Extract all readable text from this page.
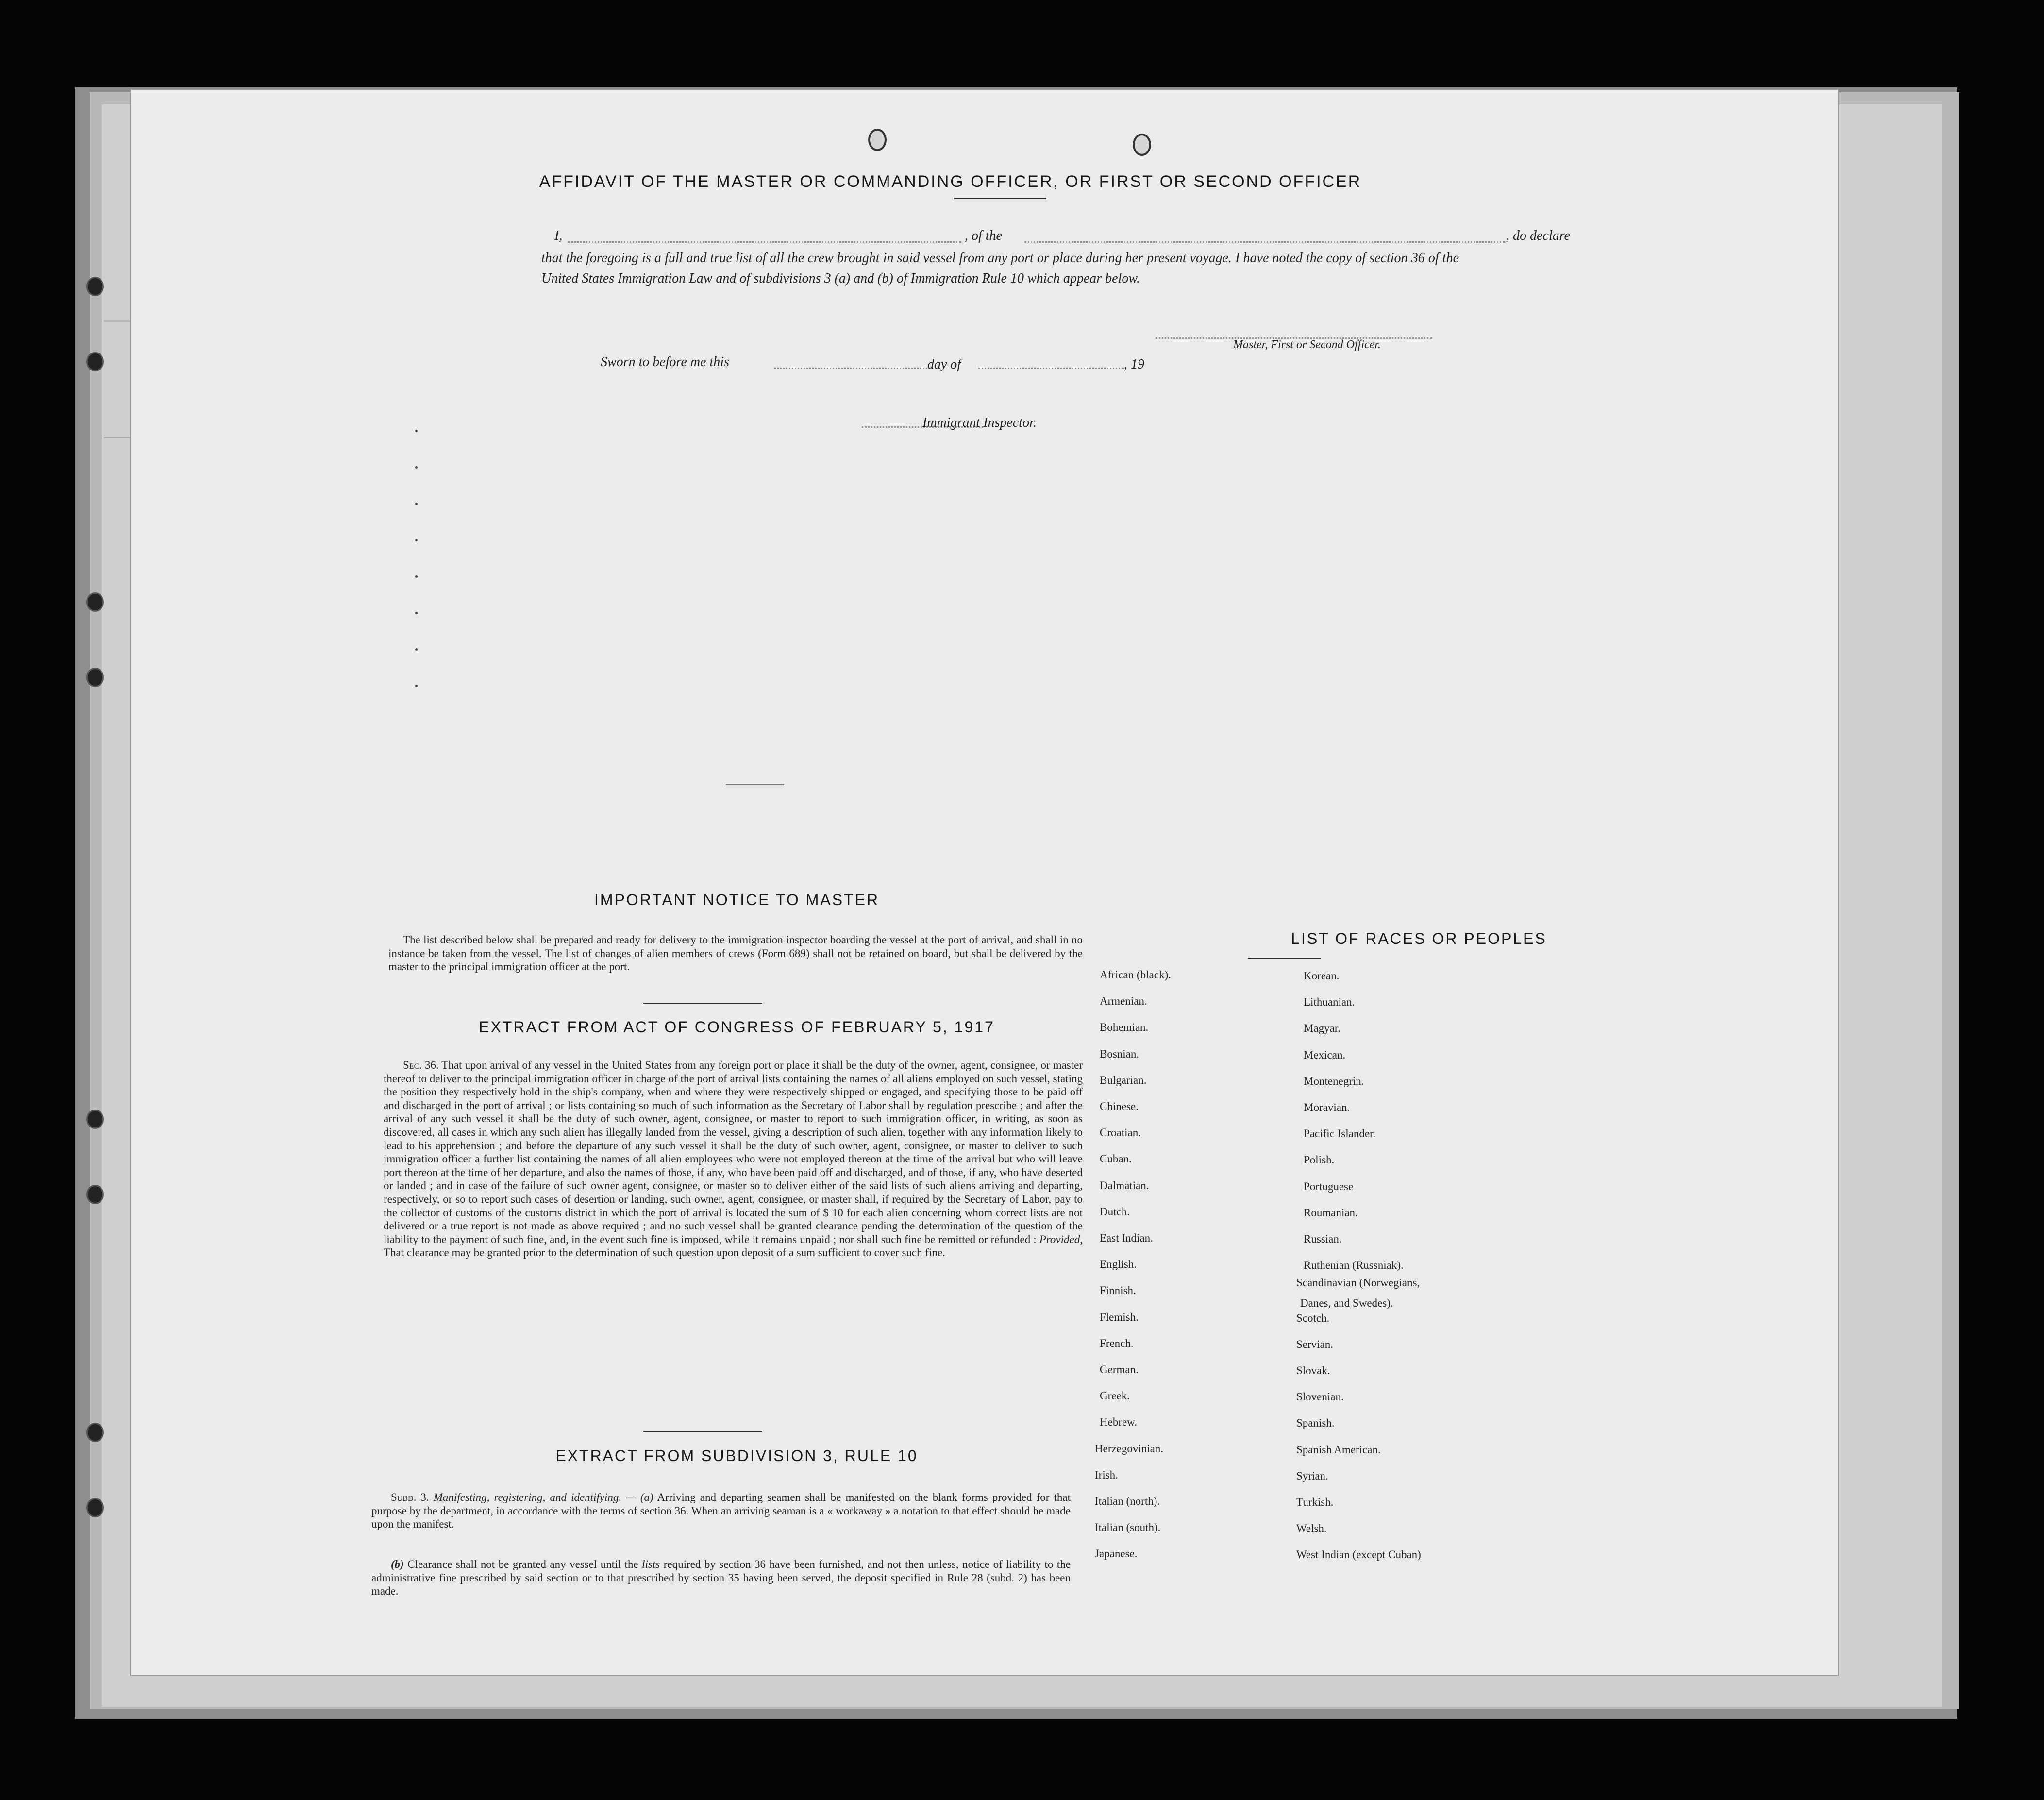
AFFIDAVIT OF THE MASTER OR COMMANDING OFFICER, OR FIRST OR SECOND OFFICER
I,	, of the	, do declare
that the foregoing is a full and true list of all the crew brought in said vessel from any port or place during her present voyage. I have noted the copy of section 36 of the United States Immigration Law and of subdivisions 3 (a) and (b) of Immigration Rule 10 which appear below.
Master, First or Second Officer.
Sworn to before me this	day of	, 19
Immigrant Inspector.
IMPORTANT NOTICE TO MASTER
The list described below shall be prepared and ready for delivery to the immigration inspector boarding the vessel at the port of arrival, and shall in no instance be taken from the vessel. The list of changes of alien members of crews (Form 689) shall not be retained on board, but shall be delivered by the master to the principal immigration officer at the port.
EXTRACT FROM ACT OF CONGRESS OF FEBRUARY 5, 1917
Sec. 36. That upon arrival of any vessel in the United States from any foreign port or place it shall be the duty of the owner, agent, consignee, or master thereof to deliver to the principal immigration officer in charge of the port of arrival lists containing the names of all aliens employed on such vessel, stating the position they respectively hold in the ship's company, when and where they were respectively shipped or engaged, and specifying those to be paid off and discharged in the port of arrival ; or lists containing so much of such information as the Secretary of Labor shall by regulation prescribe ; and after the arrival of any such vessel it shall be the duty of such owner, agent, consignee, or master to report to such immigration officer, in writing, as soon as discovered, all cases in which any such alien has illegally landed from the vessel, giving a description of such alien, together with any information likely to lead to his apprehension ; and before the departure of any such vessel it shall be the duty of such owner, agent, consignee, or master to deliver to such immigration officer a further list containing the names of all alien employees who were not employed thereon at the time of the arrival but who will leave port thereon at the time of her departure, and also the names of those, if any, who have been paid off and discharged, and of those, if any, who have deserted or landed ; and in case of the failure of such owner agent, consignee, or master so to deliver either of the said lists of such aliens arriving and departing, respectively, or so to report such cases of desertion or landing, such owner, agent, consignee, or master shall, if required by the Secretary of Labor, pay to the collector of customs of the customs district in which the port of arrival is located the sum of $ 10 for each alien concerning whom correct lists are not delivered or a true report is not made as above required ; and no such vessel shall be granted clearance pending the determination of the question of the liability to the payment of such fine, and, in the event such fine is imposed, while it remains unpaid ; nor shall such fine be remitted or refunded : Provided, That clearance may be granted prior to the determination of such question upon deposit of a sum sufficient to cover such fine.
EXTRACT FROM SUBDIVISION 3, RULE 10
Subd. 3. Manifesting, registering, and identifying. — (a) Arriving and departing seamen shall be manifested on the blank forms provided for that purpose by the department, in accordance with the terms of section 36. When an arriving seaman is a « workaway » a notation to that effect should be made upon the manifest.
(b) Clearance shall not be granted any vessel until the lists required by section 36 have been furnished, and not then unless, notice of liability to the administrative fine prescribed by said section or to that prescribed by section 35 having been served, the deposit specified in Rule 28 (subd. 2) has been made.
LIST OF RACES OR PEOPLES
African (black).
Armenian.
Bohemian.
Bosnian.
Bulgarian.
Chinese.
Croatian.
Cuban.
Dalmatian.
Dutch.
East Indian.
English.
Finnish.
Flemish.
French.
German.
Greek.
Hebrew.
Herzegovinian.
Irish.
Italian (north).
Italian (south).
Japanese.
Korean.
Lithuanian.
Magyar.
Mexican.
Montenegrin.
Moravian.
Pacific Islander.
Polish.
Portuguese
Roumanian.
Russian.
Ruthenian (Russniak).
Scandinavian (Norwegians,
Danes, and Swedes).
Scotch.
Servian.
Slovak.
Slovenian.
Spanish.
Spanish American.
Syrian.
Turkish.
Welsh.
West Indian (except Cuban)
